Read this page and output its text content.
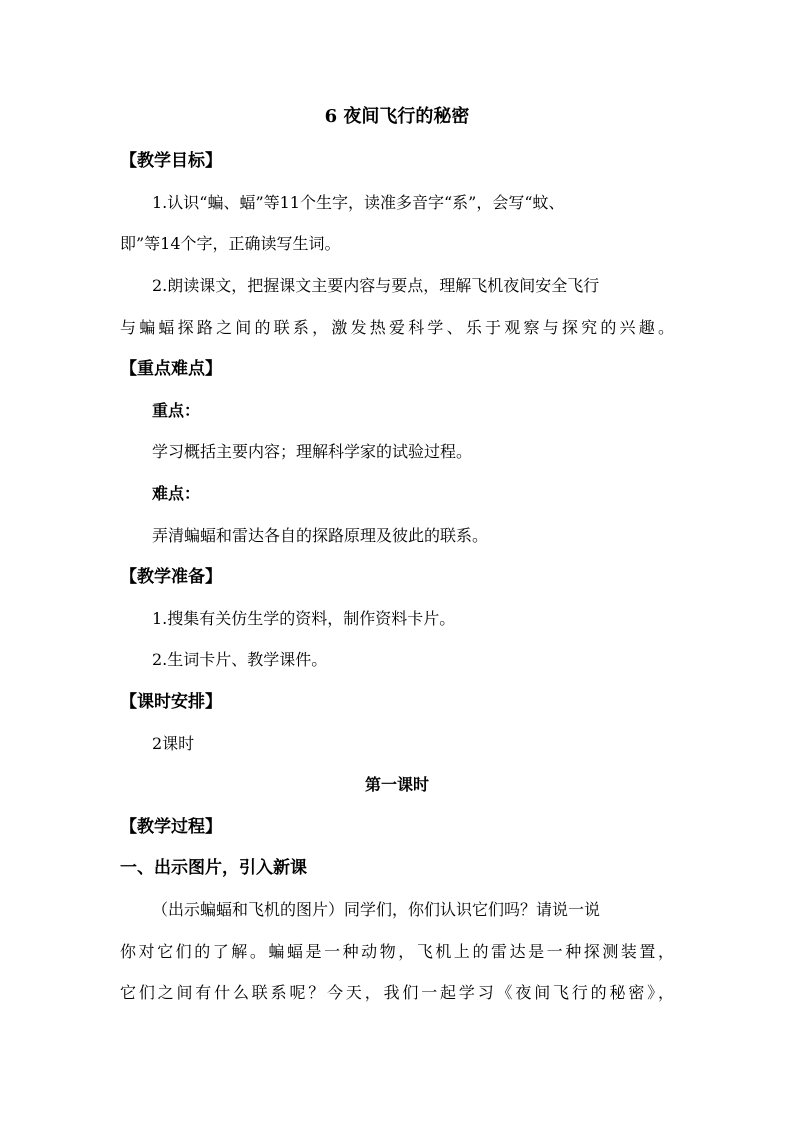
6 夜间飞行的秘密
【教学目标】
1.认识“蝙、蝠”等11个生字，读准多音字“系”，会写“蚊、
即”等14个字，正确读写生词。
2.朗读课文，把握课文主要内容与要点，理解飞机夜间安全飞行
与蝙蝠探路之间的联系，激发热爱科学、乐于观察与探究的兴趣。
【重点难点】
重点：
学习概括主要内容；理解科学家的试验过程。
难点：
弄清蝙蝠和雷达各自的探路原理及彼此的联系。
【教学准备】
1.搜集有关仿生学的资料，制作资料卡片。
2.生词卡片、教学课件。
【课时安排】
2课时
第一课时
【教学过程】
一、出示图片，引入新课
（出示蝙蝠和飞机的图片）同学们，你们认识它们吗？请说一说
你对它们的了解。蝙蝠是一种动物，飞机上的雷达是一种探测装置，
它们之间有什么联系呢？今天，我们一起学习《夜间飞行的秘密》，
